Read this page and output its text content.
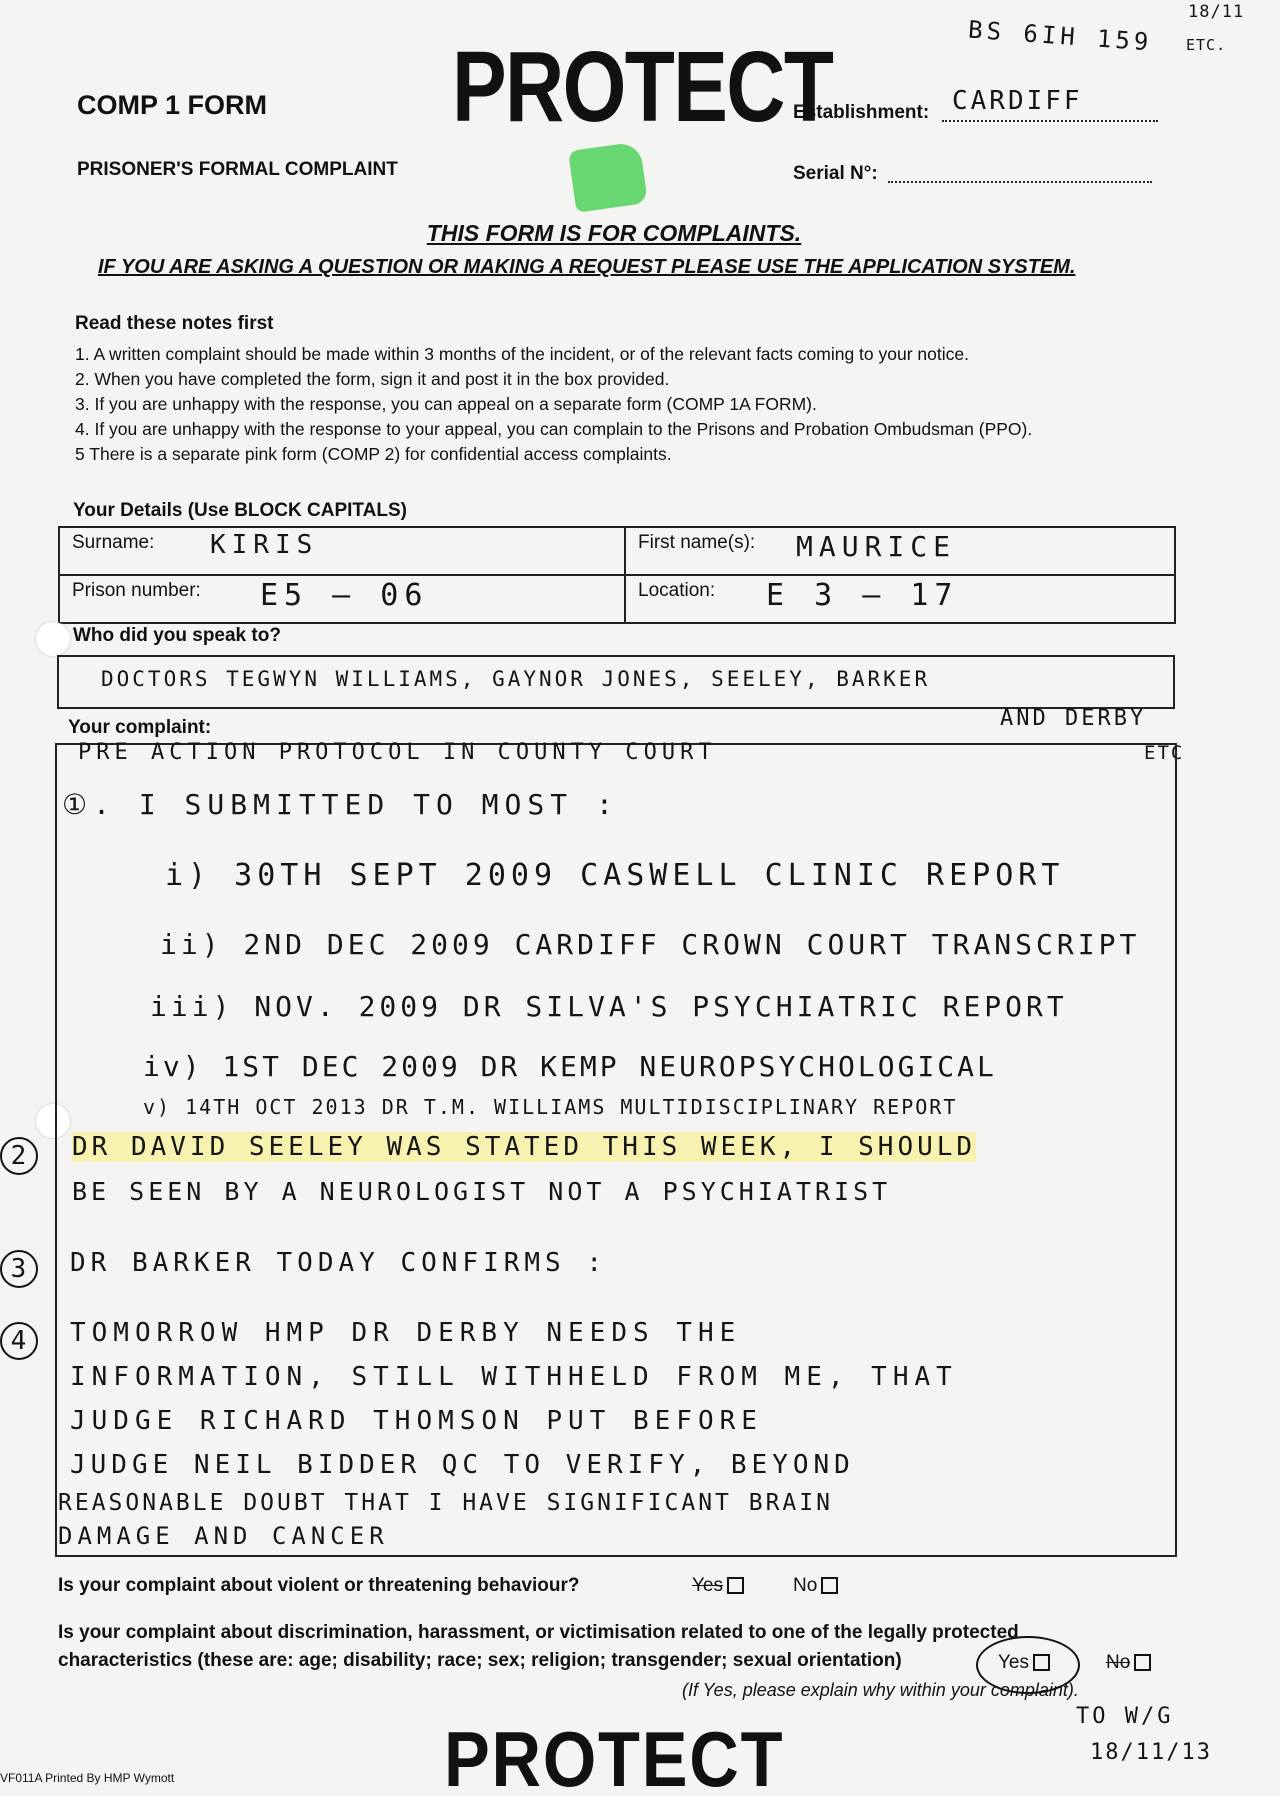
BS 6IH 159
18/11
ETC.
COMP 1 FORM PROTECT
Establishment: CARDIFF
PRISONER'S FORMAL COMPLAINT	Serial N°:
THIS FORM IS FOR COMPLAINTS.
IF YOU ARE ASKING A QUESTION OR MAKING A REQUEST PLEASE USE THE APPLICATION SYSTEM.
Read these notes first
1. A written complaint should be made within 3 months of the incident, or of the relevant facts coming to your notice.
2. When you have completed the form, sign it and post it in the box provided.
3. If you are unhappy with the response, you can appeal on a separate form (COMP 1A FORM).
4. If you are unhappy with the response to your appeal, you can complain to the Prisons and Probation Ombudsman (PPO).
5 There is a separate pink form (COMP 2) for confidential access complaints.
Your Details (Use BLOCK CAPITALS)
Surname: KIRIS	First name(s): MAURICE

Prison number: E5 – 06	Location: E 3 – 17
Who did you speak to?
DOCTORS TEGWYN WILLIAMS, GAYNOR JONES, SEELEY, BARKER
AND DERBY
ETC
Your complaint:
PRE ACTION PROTOCOL IN COUNTY COURT
①. I SUBMITTED TO MOST :
i) 30TH SEPT 2009 CASWELL CLINIC REPORT
ii) 2ND DEC 2009 CARDIFF CROWN COURT TRANSCRIPT
iii) NOV. 2009 DR SILVA'S PSYCHIATRIC REPORT
iv) 1ST DEC 2009 DR KEMP NEUROPSYCHOLOGICAL
v) 14TH OCT 2013 DR T.M. WILLIAMS MULTIDISCIPLINARY REPORT
2	DR DAVID SEELEY WAS STATED THIS WEEK, I SHOULD
BE SEEN BY A NEUROLOGIST NOT A PSYCHIATRIST
3	DR BARKER TODAY CONFIRMS :
4	TOMORROW HMP DR DERBY NEEDS THE
INFORMATION, STILL WITHHELD FROM ME, THAT
JUDGE RICHARD THOMSON PUT BEFORE
JUDGE NEIL BIDDER QC TO VERIFY, BEYOND
REASONABLE DOUBT THAT I HAVE SIGNIFICANT BRAIN
DAMAGE AND CANCER
Is your complaint about violent or threatening behaviour?	Yes	No
Is your complaint about discrimination, harassment, or victimisation related to one of the legally protected
characteristics (these are: age; disability; race; sex; religion; transgender; sexual orientation)	Yes	No
(If Yes, please explain why within your complaint).
TO W/G
18/11/13
VF011A Printed By HMP Wymott	PROTECT
